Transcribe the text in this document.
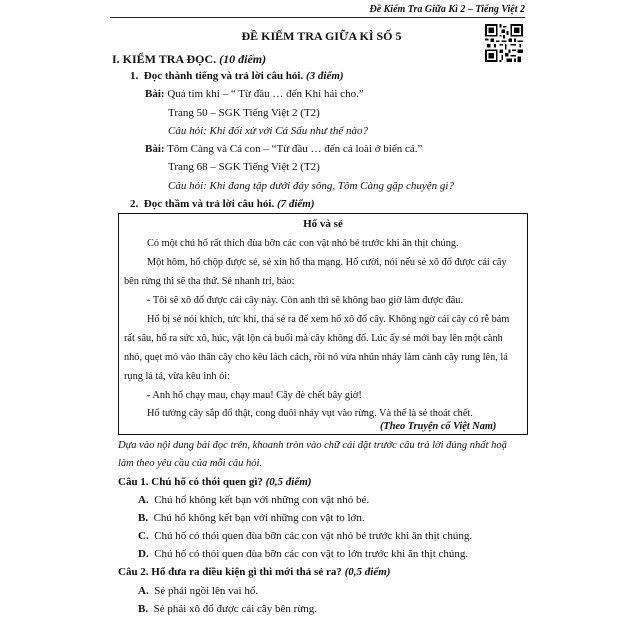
Đề Kiểm Tra Giữa Kì 2 – Tiếng Việt 2
ĐỀ KIỂM TRA GIỮA KÌ SỐ 5
I. KIỂM TRA ĐỌC. (10 điểm)
1. Đọc thành tiếng và trả lời câu hỏi. (3 điểm)
Bài: Quả tim khỉ – “ Từ đầu … đến Khỉ hái cho.”
Trang 50 – SGK Tiếng Việt 2 (T2)
Câu hỏi: Khỉ đối xử với Cá Sấu như thế nào?
Bài: Tôm Càng và Cá con – “Từ đầu … đến cá loài ở biển cả.”
Trang 68 – SGK Tiếng Việt 2 (T2)
Câu hỏi: Khi đang tập dưới đáy sông, Tôm Càng gặp chuyện gì?
2. Đọc thầm và trả lời câu hỏi. (7 điểm)
Hổ và sẻ
Có một chú hổ rất thích đùa bỡn các con vật nhỏ bé trước khi ăn thịt chúng.
Một hôm, hổ chộp được sẻ, sẻ xin hổ tha mạng. Hổ cười, nói nếu sẻ xô đổ được cái cây
bên rừng thì sẽ tha thứ. Sẻ nhanh trí, bảo:
- Tôi sẽ xô đổ được cái cây này. Còn anh thì sẽ không bao giờ làm được đâu.
Hổ bị sẻ nói khích, tức khí, thả sẻ ra để xem hổ xô đổ cây. Không ngờ cái cây có rễ bám
rất sâu, hổ ra sức xô, húc, vật lộn cả buổi mà cây không đổ. Lúc ấy sẻ mới bay lên một cành
nhỏ, quẹt mỏ vào thân cây cho kêu lách cách, rồi nó vừa nhún nhảy làm cành cây rung lên, lá
rụng lả tả, vừa kêu inh ỏi:
- Anh hổ chạy mau, chạy mau! Cây đè chết bây giờ!
Hổ tưởng cây sắp đổ thật, cong đuôi nhảy vụt vào rừng. Và thế là sẻ thoát chết.
(Theo Truyện cổ Việt Nam)
Dựa vào nội dung bài đọc trên, khoanh tròn vào chữ cái đặt trước câu trả lời đúng nhất hoặ
làm theo yêu cầu của mỗi câu hỏi.
Câu 1. Chú hổ có thói quen gì? (0,5 điểm)
A. Chú hổ không kết bạn với những con vật nhỏ bé.
B. Chú hổ không kết bạn với những con vật to lớn.
C. Chú hổ có thói quen đùa bỡn các con vật nhỏ bé trước khi ăn thịt chúng.
D. Chú hổ có thói quen đùa bỡn các con vật to lớn trước khi ăn thịt chúng.
Câu 2. Hổ đưa ra điều kiện gì thì mới thả sẻ ra? (0,5 điểm)
A. Sẻ phải ngồi lên vai hổ.
B. Sẻ phải xô đổ được cái cây bên rừng.
